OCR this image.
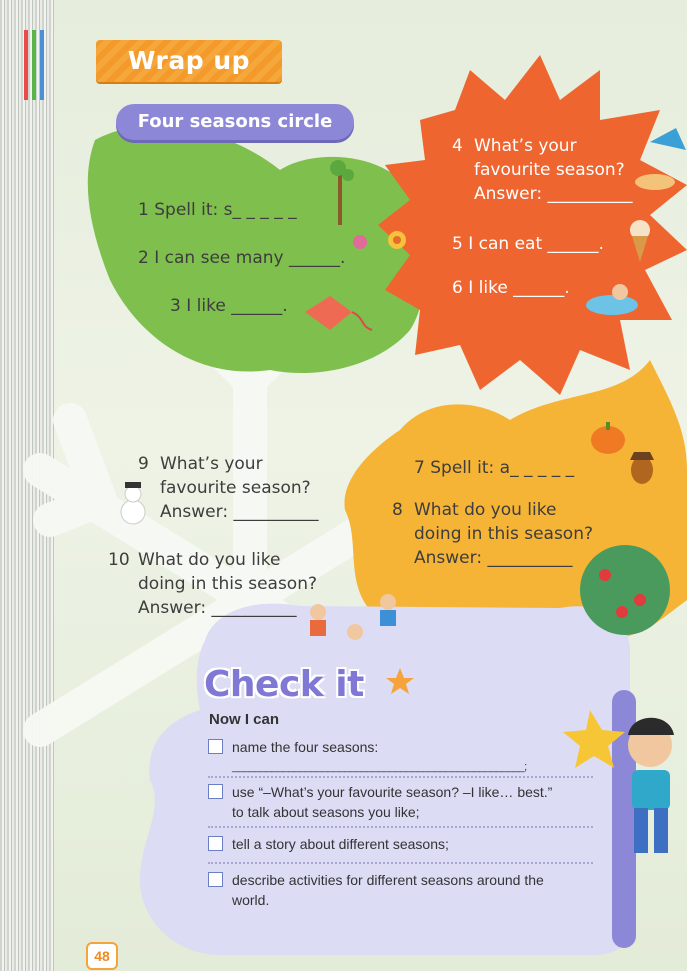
Wrap up
Four seasons circle
1 Spell it: s_ _ _ _ _
2 I can see many ______.
3 I like ______.
4 What’s your
favourite season?
Answer: __________
5 I can eat ______.
6 I like ______.
7 Spell it: a_ _ _ _ _
8 What do you like
doing in this season?
Answer: __________
9 What’s your
favourite season?
Answer: __________
10 What do you like
doing in this season?
Answer: __________
Check it
Now I can
name the four seasons:
____________________________________________________;
use “–What’s your favourite season? –I like… best.”
to talk about seasons you like;
tell a story about different seasons;
describe activities for different seasons around the
world.
48
